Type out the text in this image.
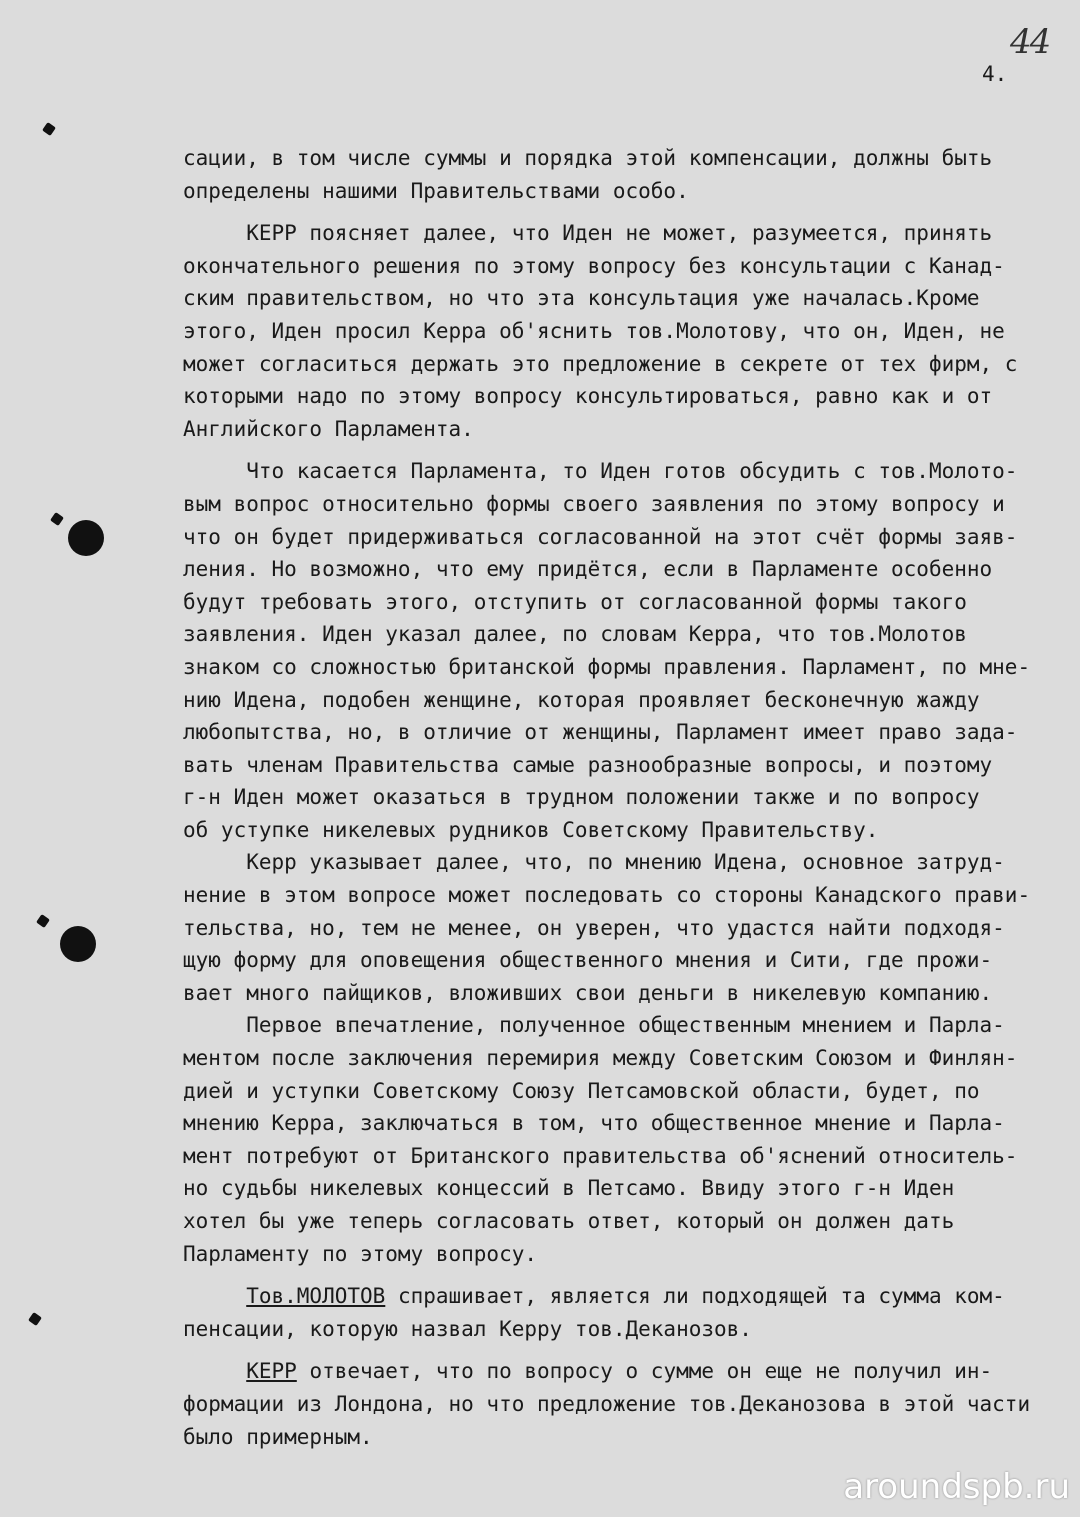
44
4.
сации, в том числе суммы и порядка этой компенсации, должны быть
определены нашими Правительствами особо.
КЕРР поясняет далее, что Иден не может, разумеется, принять
окончательного решения по этому вопросу без консультации с Канад-
ским правительством, но что эта консультация уже началась.Кроме
этого, Иден просил Керра об'яснить тов.Молотову, что он, Иден, не
может согласиться держать это предложение в секрете от тех фирм, с
которыми надо по этому вопросу консультироваться, равно как и от
Английского Парламента.
Что касается Парламента, то Иден готов обсудить с тов.Молото-
вым вопрос относительно формы своего заявления по этому вопросу и
что он будет придерживаться согласованной на этот счёт формы заяв-
ления. Но возможно, что ему придётся, если в Парламенте особенно
будут требовать этого, отступить от согласованной формы такого
заявления. Иден указал далее, по словам Керра, что тов.Молотов
знаком со сложностью британской формы правления. Парламент, по мне-
нию Идена, подобен женщине, которая проявляет бесконечную жажду
любопытства, но, в отличие от женщины, Парламент имеет право зада-
вать членам Правительства самые разнообразные вопросы, и поэтому
г-н Иден может оказаться в трудном положении также и по вопросу
об уступке никелевых рудников Советскому Правительству.
Керр указывает далее, что, по мнению Идена, основное затруд-
нение в этом вопросе может последовать со стороны Канадского прави-
тельства, но, тем не менее, он уверен, что удастся найти подходя-
щую форму для оповещения общественного мнения и Сити, где прожи-
вает много пайщиков, вложивших свои деньги в никелевую компанию.
Первое впечатление, полученное общественным мнением и Парла-
ментом после заключения перемирия между Советским Союзом и Финлян-
дией и уступки Советскому Союзу Петсамовской области, будет, по
мнению Керра, заключаться в том, что общественное мнение и Парла-
мент потребуют от Британского правительства об'яснений относитель-
но судьбы никелевых концессий в Петсамо. Ввиду этого г-н Иден
хотел бы уже теперь согласовать ответ, который он должен дать
Парламенту по этому вопросу.
Тов.МОЛОТОВ спрашивает, является ли подходящей та сумма ком-
пенсации, которую назвал Керру тов.Деканозов.
КЕРР отвечает, что по вопросу о сумме он еще не получил ин-
формации из Лондона, но что предложение тов.Деканозова в этой части
было примерным.
aroundspb.ru
